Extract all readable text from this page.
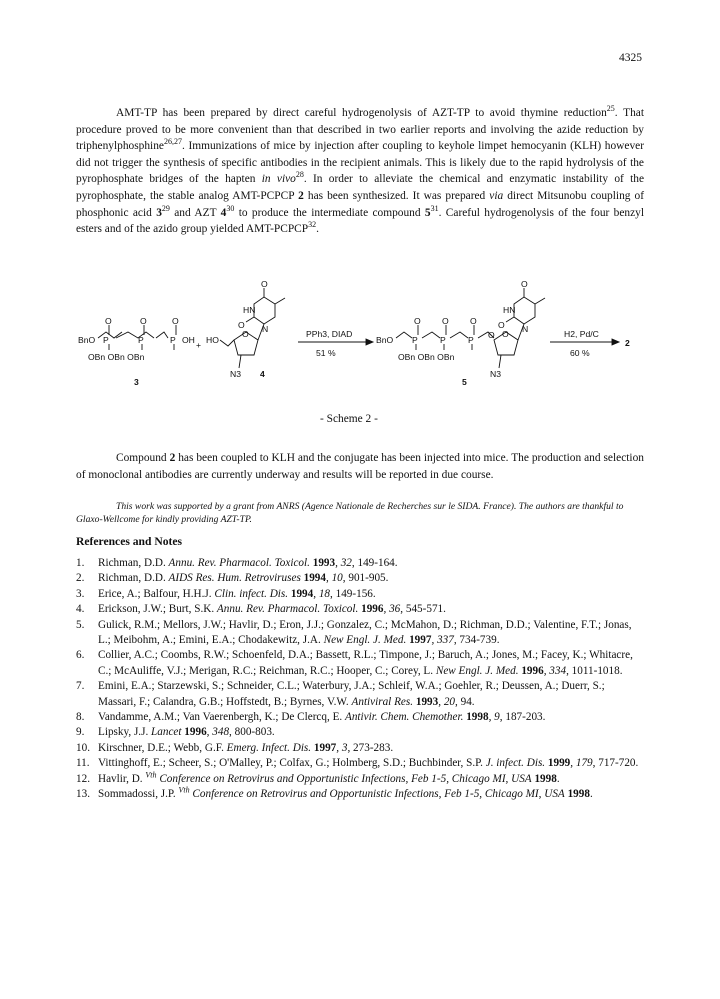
4325
AMT-TP has been prepared by direct careful hydrogenolysis of AZT-TP to avoid thymine reduction$^{25}$. That procedure proved to be more convenient than that described in two earlier reports and involving the azide reduction by triphenylphosphine$^{26,27}$. Immunizations of mice by injection after coupling to keyhole limpet hemocyanin (KLH) however did not trigger the synthesis of specific antibodies in the recipient animals. This is likely due to the rapid hydrolysis of the pyrophosphate bridges of the hapten in vivo$^{28}$. In order to alleviate the chemical and enzymatic instability of the pyrophosphate, the stable analog AMT-PCPCP 2 has been synthesized. It was prepared via direct Mitsunobu coupling of phosphonic acid $3^{29}$ and AZT $4^{30}$ to produce the intermediate compound $5^{31}$. Careful hydrogenolysis of the four benzyl esters and of the azido group yielded AMT-PCPCP$^{32}$.
BnO P
O
P
O
P
O
OH
OBn OBn OBn
3
+ HO
O
N3 4
HN
N
O
O
PPh3, DIAD
51 %
BnO P
O
P
O
P
O
O
OBn OBn OBn
5
O
N3
HN
N
O
O
H2, Pd/C
60 %
2
- Scheme 2 -
Compound 2 has been coupled to KLH and the conjugate has been injected into mice. The production and selection of monoclonal antibodies are currently underway and results will be reported in due course.
This work was supported by a grant from ANRS (Agence Nationale de Recherches sur le SIDA. France). The authors are thankful to Glaxo-Wellcome for kindly providing AZT-TP.
References and Notes
1.	Richman, D.D. Annu. Rev. Pharmacol. Toxicol. 1993, 32, 149-164.
2.	Richman, D.D. AIDS Res. Hum. Retroviruses 1994, 10, 901-905.
3.	Erice, A.; Balfour, H.H.J. Clin. infect. Dis. 1994, 18, 149-156.
4.	Erickson, J.W.; Burt, S.K. Annu. Rev. Pharmacol. Toxicol. 1996, 36, 545-571.
5.	Gulick, R.M.; Mellors, J.W.; Havlir, D.; Eron, J.J.; Gonzalez, C.; McMahon, D.; Richman, D.D.; Valentine, F.T.; Jonas, L.; Meibohm, A.; Emini, E.A.; Chodakewitz, J.A. New Engl. J. Med. 1997, 337, 734-739.
6.	Collier, A.C.; Coombs, R.W.; Schoenfeld, D.A.; Bassett, R.L.; Timpone, J.; Baruch, A.; Jones, M.; Facey, K.; Whitacre, C.; McAuliffe, V.J.; Merigan, R.C.; Reichman, R.C.; Hooper, C.; Corey, L. New Engl. J. Med. 1996, 334, 1011-1018.
7.	Emini, E.A.; Starzewski, S.; Schneider, C.L.; Waterbury, J.A.; Schleif, W.A.; Goehler, R.; Deussen, A.; Duerr, S.; Massari, F.; Calandra, G.B.; Hoffstedt, B.; Byrnes, V.W. Antiviral Res. 1993, 20, 94.
8.	Vandamme, A.M.; Van Vaerenbergh, K.; De Clercq, E. Antivir. Chem. Chemother. 1998, 9, 187-203.
9.	Lipsky, J.J. Lancet 1996, 348, 800-803.
10. Kirschner, D.E.; Webb, G.F. Emerg. Infect. Dis. 1997, 3, 273-283.
11. Vittinghoff, E.; Scheer, S.; O'Malley, P.; Colfax, G.; Holmberg, S.D.; Buchbinder, S.P. J. infect. Dis. 1999, 179, 717-720.
12. Havlir, D. $^{Vth}$ Conference on Retrovirus and Opportunistic Infections, Feb 1-5, Chicago MI, USA 1998.
13. Sommadossi, J.P. $^{Vth}$ Conference on Retrovirus and Opportunistic Infections, Feb 1-5, Chicago MI, USA 1998.
